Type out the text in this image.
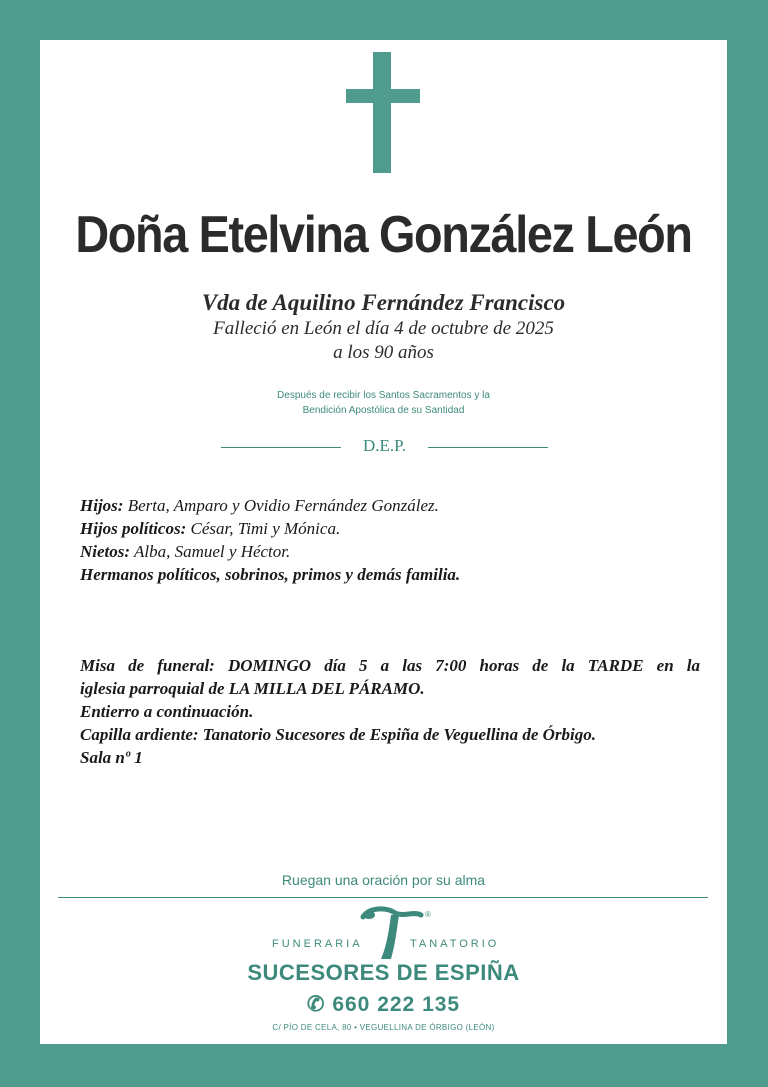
Doña Etelvina González León
Vda de Aquilino Fernández Francisco
Falleció en León el día 4 de octubre de 2025
a los 90 años
Después de recibir los Santos Sacramentos y la
Bendición Apostólica de su Santidad
D.E.P.
Hijos: Berta, Amparo y Ovidio Fernández González.
Hijos políticos: César, Timi y Mónica.
Nietos: Alba, Samuel y Héctor.
Hermanos políticos, sobrinos, primos y demás familia.
Misa de funeral: DOMINGO día 5 a las 7:00 horas de la TARDE en la
iglesia parroquial de LA MILLA DEL PÁRAMO.
Entierro a continuación.
Capilla ardiente: Tanatorio Sucesores de Espiña de Veguellina de Órbigo.
Sala nº 1
Ruegan una oración por su alma
®
FUNERARIA	TANATORIO
SUCESORES DE ESPIÑA
✆ 660 222 135
C/ PÍO DE CELA, 80 • VEGUELLINA DE ÓRBIGO (LEÓN)
